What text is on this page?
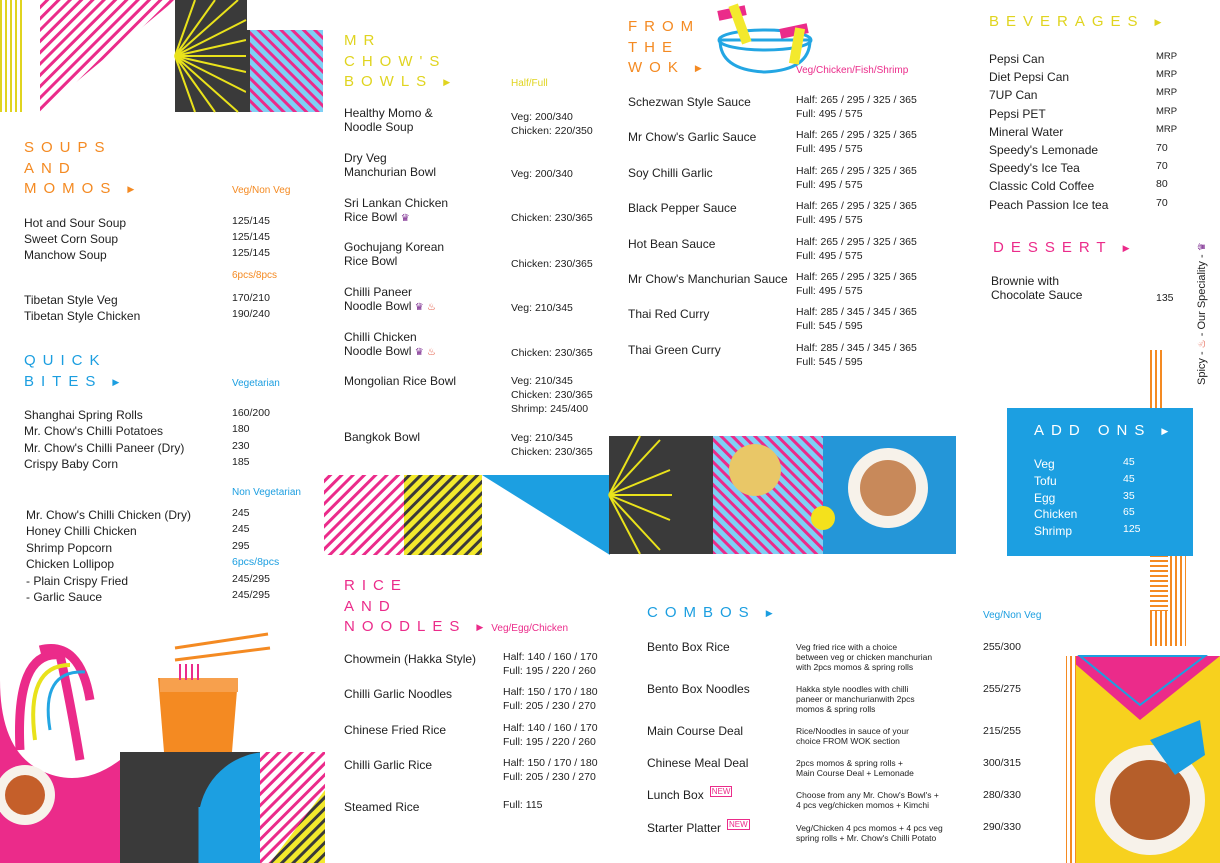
SOUPS
AND
MOMOS ▶	Veg/Non Veg
Hot and Sour Soup	125/145
Sweet Corn Soup	125/145
Manchow Soup	125/145
6pcs/8pcs
Tibetan Style Veg	170/210
Tibetan Style Chicken	190/240
QUICK
BITES ▶	Vegetarian
Shanghai Spring Rolls	160/200
Mr. Chow's Chilli Potatoes	180
Mr. Chow's Chilli Paneer (Dry)	230
Crispy Baby Corn	185
Non Vegetarian
Mr. Chow's Chilli Chicken (Dry)	245
Honey Chilli Chicken	245
Shrimp Popcorn	295
Chicken Lollipop	6pcs/8pcs
- Plain Crispy Fried	245/295
- Garlic Sauce	245/295
MR
CHOW'S
BOWLS ▶	Half/Full
Healthy Momo &
Noodle Soup
Veg: 200/340
Chicken: 220/350
Dry Veg
Manchurian Bowl	Veg: 200/340
Sri Lankan Chicken
Rice Bowl ♛	Chicken: 230/365
Gochujang Korean
Rice Bowl	Chicken: 230/365
Chilli Paneer
Noodle Bowl ♛ ♨	Veg: 210/345
Chilli Chicken
Noodle Bowl ♛ ♨	Chicken: 230/365
Mongolian Rice Bowl	Veg: 210/345
Chicken: 230/365
Shrimp: 245/400
Bangkok Bowl	Veg: 210/345
Chicken: 230/365
FROM
THE
WOK ▶	Veg/Chicken/Fish/Shrimp
Schezwan Style Sauce	Half: 265 / 295 / 325 / 365
Full: 495 / 575
Mr Chow's Garlic Sauce	Half: 265 / 295 / 325 / 365
Full: 495 / 575
Soy Chilli Garlic	Half: 265 / 295 / 325 / 365
Full: 495 / 575
Black Pepper Sauce	Half: 265 / 295 / 325 / 365
Full: 495 / 575
Hot Bean Sauce	Half: 265 / 295 / 325 / 365
Full: 495 / 575
Mr Chow's Manchurian Sauce Half: 265 / 295 / 325 / 365
Full: 495 / 575
Thai Red Curry	Half: 285 / 345 / 345 / 365
Full: 545 / 595
Thai Green Curry	Half: 285 / 345 / 345 / 365
Full: 545 / 595
BEVERAGES ▶
Pepsi Can	MRP
Diet Pepsi Can	MRP
7UP Can	MRP
Pepsi PET	MRP
Mineral Water	MRP
Speedy's Lemonade	70
Speedy's Ice Tea	70
Classic Cold Coffee	80
Peach Passion Ice tea	70
DESSERT ▶
Brownie with
Chocolate Sauce	135
Spicy - ♨ - Our Speciality - ♛
ADD ONS ▶
Veg	45
Tofu	45
Egg	35
Chicken	65
Shrimp	125
RICE
AND
NOODLES ▶ Veg/Egg/Chicken
Chowmein (Hakka Style)	Half: 140 / 160 / 170
Full: 195 / 220 / 260
Chilli Garlic Noodles	Half: 150 / 170 / 180
Full: 205 / 230 / 270
Chinese Fried Rice	Half: 140 / 160 / 170
Full: 195 / 220 / 260
Chilli Garlic Rice	Half: 150 / 170 / 180
Full: 205 / 230 / 270
Steamed Rice	Full: 115
COMBOS ▶	Veg/Non Veg
Bento Box Rice	Veg fried rice with a choice
between veg or chicken manchurian
with 2pcs momos & spring rolls
255/300
Bento Box Noodles	Hakka style noodles with chilli
paneer or manchurianwith 2pcs
momos & spring rolls
255/275
Main Course Deal	Rice/Noodles in sauce of your
choice FROM WOK section
215/255
Chinese Meal Deal	2pcs momos & spring rolls +
Main Course Deal + Lemonade
300/315
Lunch Box NEW	Choose from any Mr. Chow's Bowl's +
4 pcs veg/chicken momos + Kimchi
280/330
Starter Platter NEW	Veg/Chicken 4 pcs momos + 4 pcs veg
spring rolls + Mr. Chow's Chilli Potato
290/330
